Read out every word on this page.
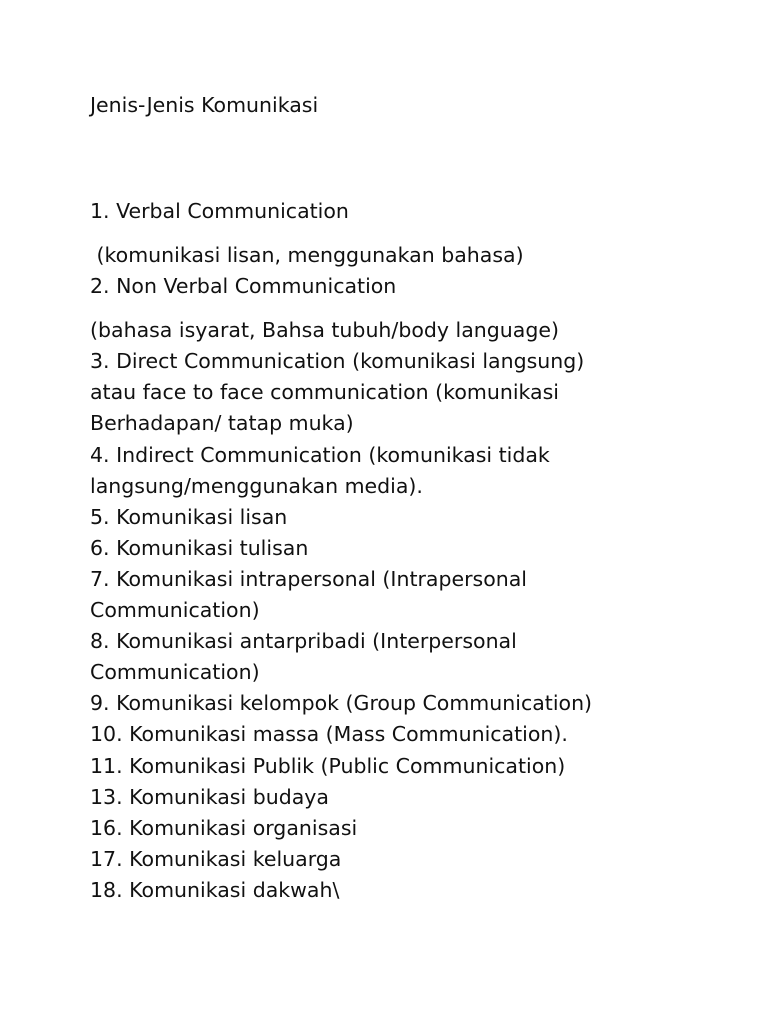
Jenis-Jenis Komunikasi
1. Verbal Communication
(komunikasi lisan, menggunakan bahasa)
2. Non Verbal Communication
(bahasa isyarat, Bahsa tubuh/body language)
3. Direct Communication (komunikasi langsung)
atau face to face communication (komunikasi
Berhadapan/ tatap muka)
4. Indirect Communication (komunikasi tidak
langsung/menggunakan media).
5. Komunikasi lisan
6. Komunikasi tulisan
7. Komunikasi intrapersonal (Intrapersonal
Communication)
8. Komunikasi antarpribadi (Interpersonal
Communication)
9. Komunikasi kelompok (Group Communication)
10. Komunikasi massa (Mass Communication).
11. Komunikasi Publik (Public Communication)
13. Komunikasi budaya
16. Komunikasi organisasi
17. Komunikasi keluarga
18. Komunikasi dakwah\
